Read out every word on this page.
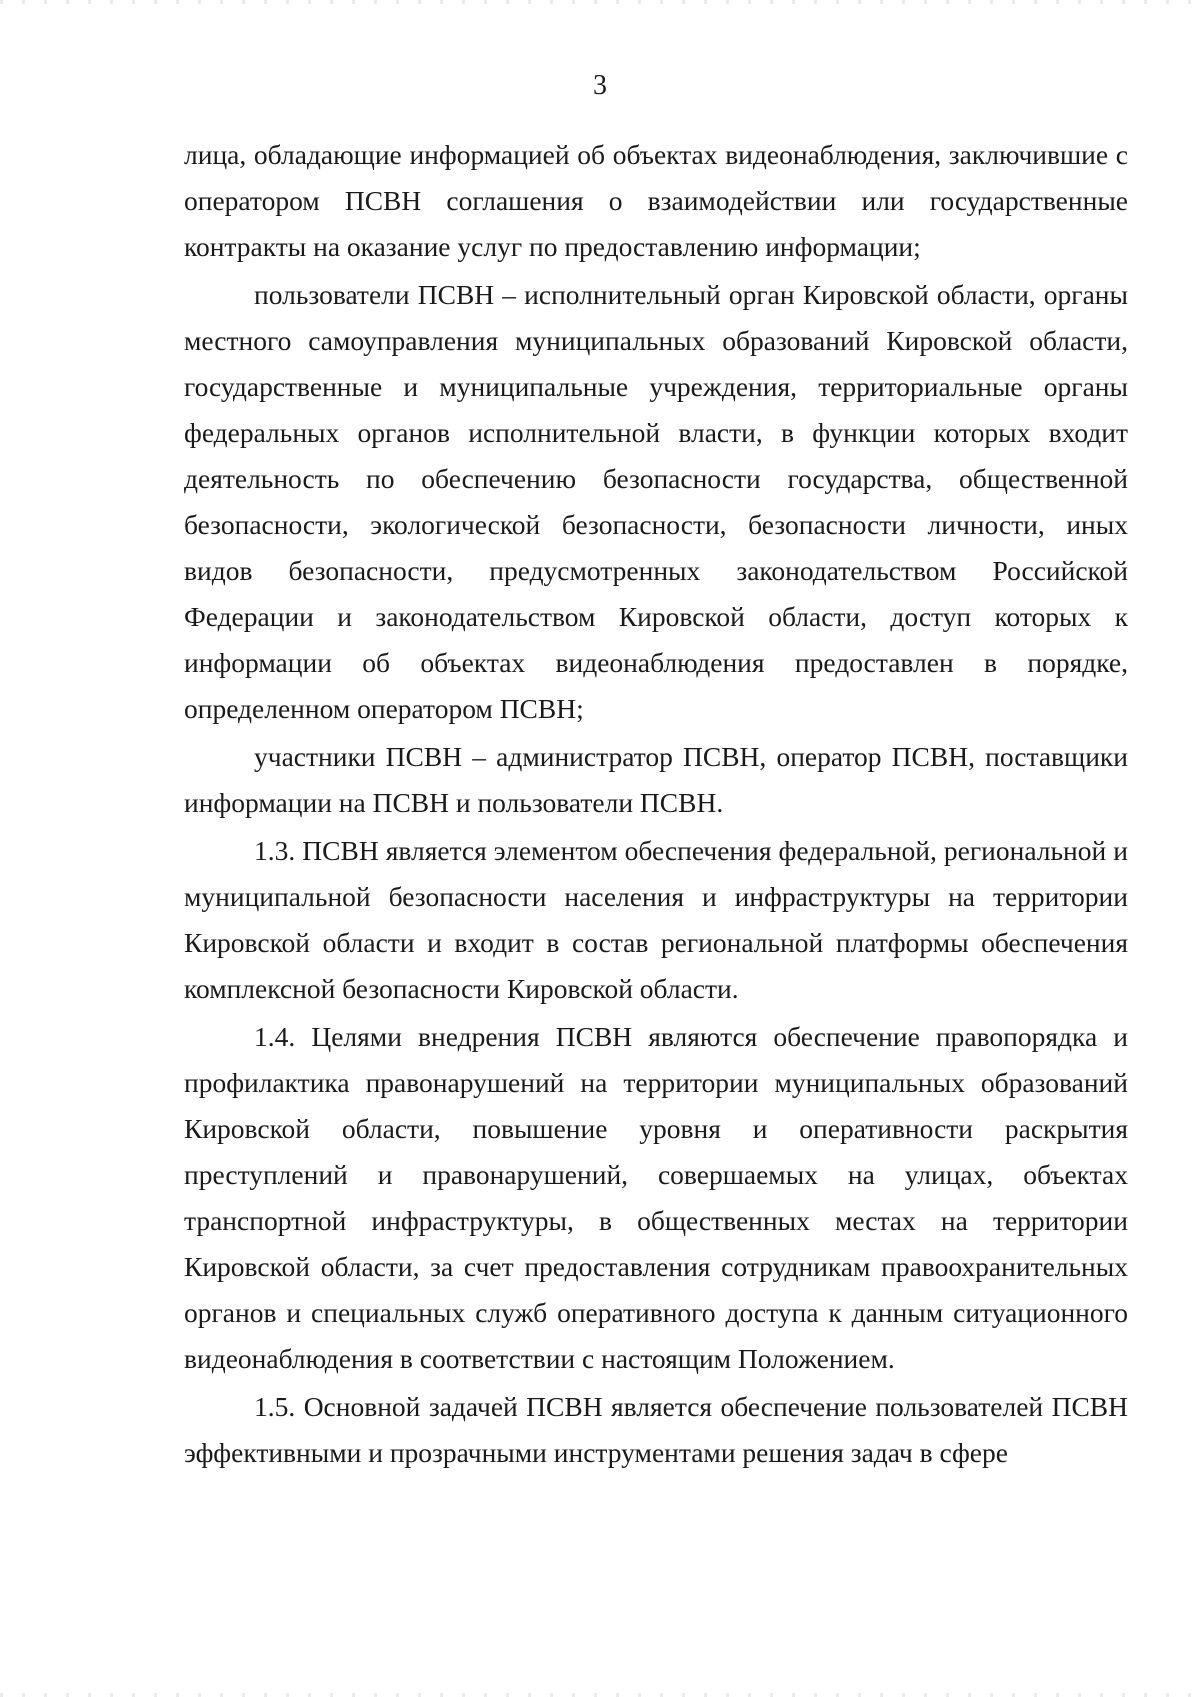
3

лица, обладающие информацией об объектах видеонаблюдения, заключившие с оператором ПСВН соглашения о взаимодействии или государственные контракты на оказание услуг по предоставлению информации;

пользователи ПСВН – исполнительный орган Кировской области, органы местного самоуправления муниципальных образований Кировской области, государственные и муниципальные учреждения, территориальные органы федеральных органов исполнительной власти, в функции которых входит деятельность по обеспечению безопасности государства, общественной безопасности, экологической безопасности, безопасности личности, иных видов безопасности, предусмотренных законодательством Российской Федерации и законодательством Кировской области, доступ которых к информации об объектах видеонаблюдения предоставлен в порядке, определенном оператором ПСВН;

участники ПСВН – администратор ПСВН, оператор ПСВН, поставщики информации на ПСВН и пользователи ПСВН.

1.3. ПСВН является элементом обеспечения федеральной, региональной и муниципальной безопасности населения и инфраструктуры на территории Кировской области и входит в состав региональной платформы обеспечения комплексной безопасности Кировской области.

1.4. Целями внедрения ПСВН являются обеспечение правопорядка и профилактика правонарушений на территории муниципальных образований Кировской области, повышение уровня и оперативности раскрытия преступлений и правонарушений, совершаемых на улицах, объектах транспортной инфраструктуры, в общественных местах на территории Кировской области, за счет предоставления сотрудникам правоохранительных органов и специальных служб оперативного доступа к данным ситуационного видеонаблюдения в соответствии с настоящим Положением.

1.5. Основной задачей ПСВН является обеспечение пользователей ПСВН эффективными и прозрачными инструментами решения задач в сфере
